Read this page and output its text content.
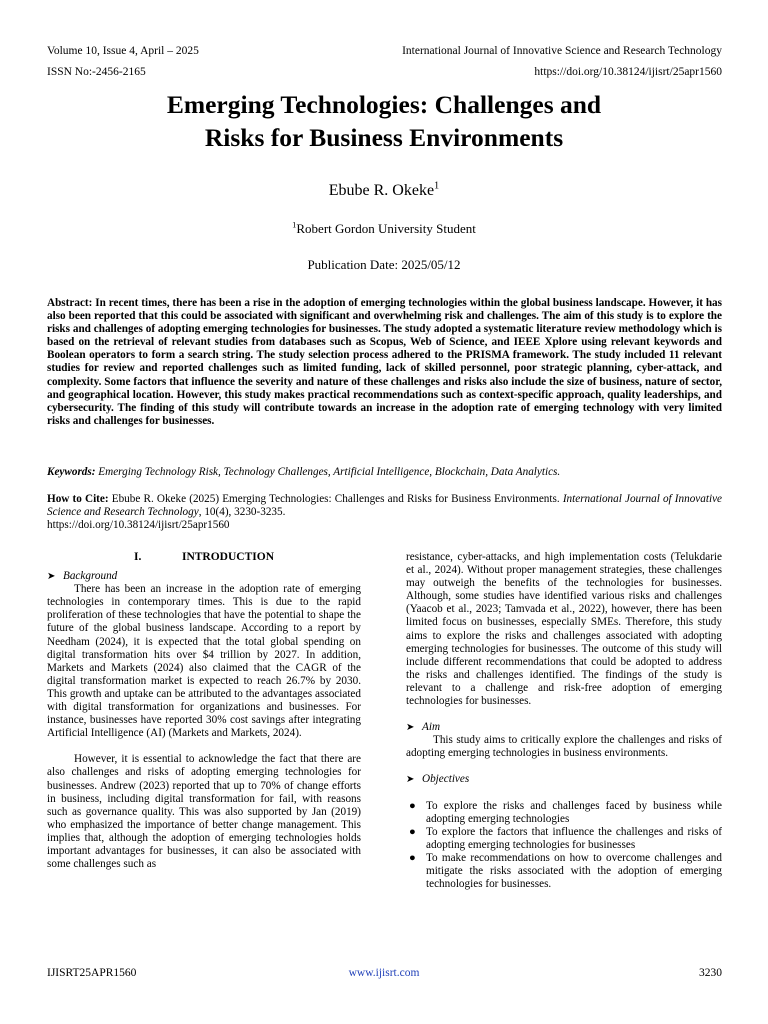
Volume 10, Issue 4, April – 2025	International Journal of Innovative Science and Research Technology
ISSN No:-2456-2165	https://doi.org/10.38124/ijisrt/25apr1560
Emerging Technologies: Challenges and
Risks for Business Environments
Ebube R. Okeke$^1$
$^1$Robert Gordon University Student
Publication Date: 2025/05/12
Abstract: In recent times, there has been a rise in the adoption of emerging technologies within the global business landscape. However, it has also been reported that this could be associated with significant and overwhelming risk and challenges. The aim of this study is to explore the risks and challenges of adopting emerging technologies for businesses. The study adopted a systematic literature review methodology which is based on the retrieval of relevant studies from databases such as Scopus, Web of Science, and IEEE Xplore using relevant keywords and Boolean operators to form a search string. The study selection process adhered to the PRISMA framework. The study included 11 relevant studies for review and reported challenges such as limited funding, lack of skilled personnel, poor strategic planning, cyber-attack, and complexity. Some factors that influence the severity and nature of these challenges and risks also include the size of business, nature of sector, and geographical location. However, this study makes practical recommendations such as context-specific approach, quality leaderships, and cybersecurity. The finding of this study will contribute towards an increase in the adoption rate of emerging technology with very limited risks and challenges for businesses.
Keywords: Emerging Technology Risk, Technology Challenges, Artificial Intelligence, Blockchain, Data Analytics.
How to Cite: Ebube R. Okeke (2025) Emerging Technologies: Challenges and Risks for Business Environments. International Journal of Innovative Science and Research Technology, 10(4), 3230-3235.
https://doi.org/10.38124/ijisrt/25apr1560

I.	INTRODUCTION

➤ Background

There has been an increase in the adoption rate of emerging technologies in contemporary times. This is due to the rapid proliferation of these technologies that have the potential to shape the future of the global business landscape. According to a report by Needham (2024), it is expected that the total global spending on digital transformation hits over $4 trillion by 2027. In addition, Markets and Markets (2024) also claimed that the CAGR of the digital transformation market is expected to reach 26.7% by 2030. This growth and uptake can be attributed to the advantages associated with digital transformation for organizations and businesses. For instance, businesses have reported 30% cost savings after integrating Artificial Intelligence (AI) (Markets and Markets, 2024).

However, it is essential to acknowledge the fact that there are also challenges and risks of adopting emerging technologies for businesses. Andrew (2023) reported that up to 70% of change efforts in business, including digital transformation for fail, with reasons such as governance quality. This was also supported by Jan (2019) who emphasized the importance of better change management. This implies that, although the adoption of emerging technologies holds important advantages for businesses, it can also be associated with some challenges such as

resistance, cyber-attacks, and high implementation costs (Telukdarie et al., 2024). Without proper management strategies, these challenges may outweigh the benefits of the technologies for businesses. Although, some studies have identified various risks and challenges (Yaacob et al., 2023; Tamvada et al., 2022), however, there has been limited focus on businesses, especially SMEs. Therefore, this study aims to explore the risks and challenges associated with adopting emerging technologies for businesses. The outcome of this study will include different recommendations that could be adopted to address the risks and challenges identified. The findings of the study is relevant to a challenge and risk-free adoption of emerging technologies for businesses.

➤ Aim

This study aims to critically explore the challenges and risks of adopting emerging technologies in business environments.

➤ Objectives

● To explore the risks and challenges faced by business while adopting emerging technologies
● To explore the factors that influence the challenges and risks of adopting emerging technologies for businesses
● To make recommendations on how to overcome challenges and mitigate the risks associated with the adoption of emerging technologies for businesses.
IJISRT25APR1560	www.ijisrt.com	3230
